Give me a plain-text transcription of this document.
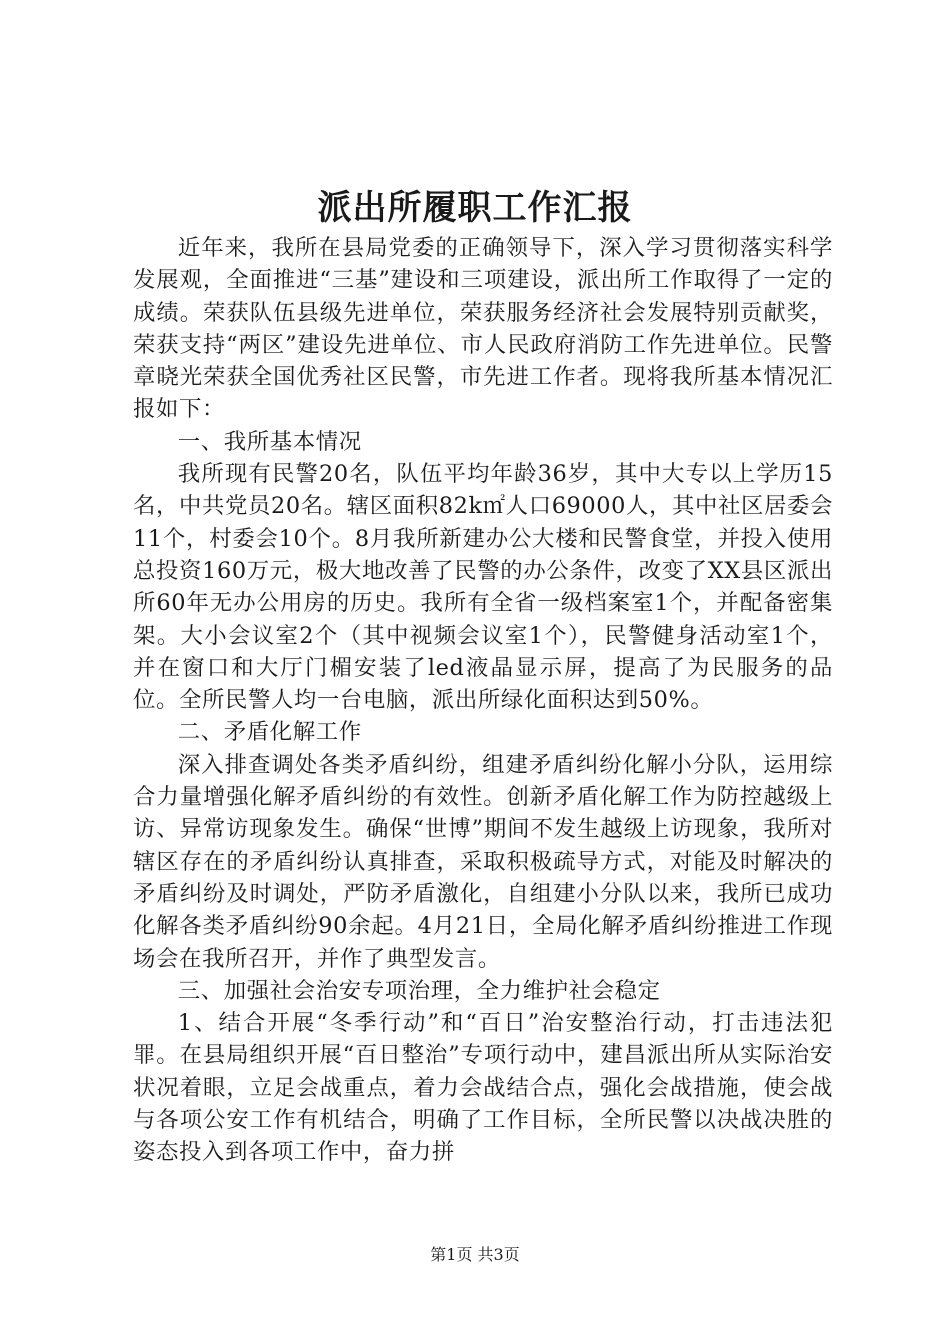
派出所履职工作汇报

近年来，我所在县局党委的正确领导下，深入学习贯彻落实科学发展观，全面推进“三基”建设和三项建设，派出所工作取得了一定的成绩。荣获队伍县级先进单位，荣获服务经济社会发展特别贡献奖，荣获支持“两区”建设先进单位、市人民政府消防工作先进单位。民警章晓光荣获全国优秀社区民警，市先进工作者。现将我所基本情况汇报如下：

一、我所基本情况

我所现有民警20名，队伍平均年龄36岁，其中大专以上学历15名，中共党员20名。辖区面积82k㎡人口69000人，其中社区居委会11个，村委会10个。8月我所新建办公大楼和民警食堂，并投入使用总投资160万元，极大地改善了民警的办公条件，改变了XX县区派出所60年无办公用房的历史。我所有全省一级档案室1个，并配备密集架。大小会议室2个（其中视频会议室1个），民警健身活动室1个，并在窗口和大厅门楣安装了led液晶显示屏，提高了为民服务的品位。全所民警人均一台电脑，派出所绿化面积达到50%。

二、矛盾化解工作

深入排查调处各类矛盾纠纷，组建矛盾纠纷化解小分队，运用综合力量增强化解矛盾纠纷的有效性。创新矛盾化解工作为防控越级上访、异常访现象发生。确保“世博”期间不发生越级上访现象，我所对辖区存在的矛盾纠纷认真排查，采取积极疏导方式，对能及时解决的矛盾纠纷及时调处，严防矛盾激化，自组建小分队以来，我所已成功化解各类矛盾纠纷90余起。4月21日，全局化解矛盾纠纷推进工作现场会在我所召开，并作了典型发言。

三、加强社会治安专项治理，全力维护社会稳定

1、结合开展“冬季行动”和“百日”治安整治行动，打击违法犯罪。在县局组织开展“百日整治”专项行动中，建昌派出所从实际治安状况着眼，立足会战重点，着力会战结合点，强化会战措施，使会战与各项公安工作有机结合，明确了工作目标，全所民警以决战决胜的姿态投入到各项工作中，奋力拼

第1页 共3页
